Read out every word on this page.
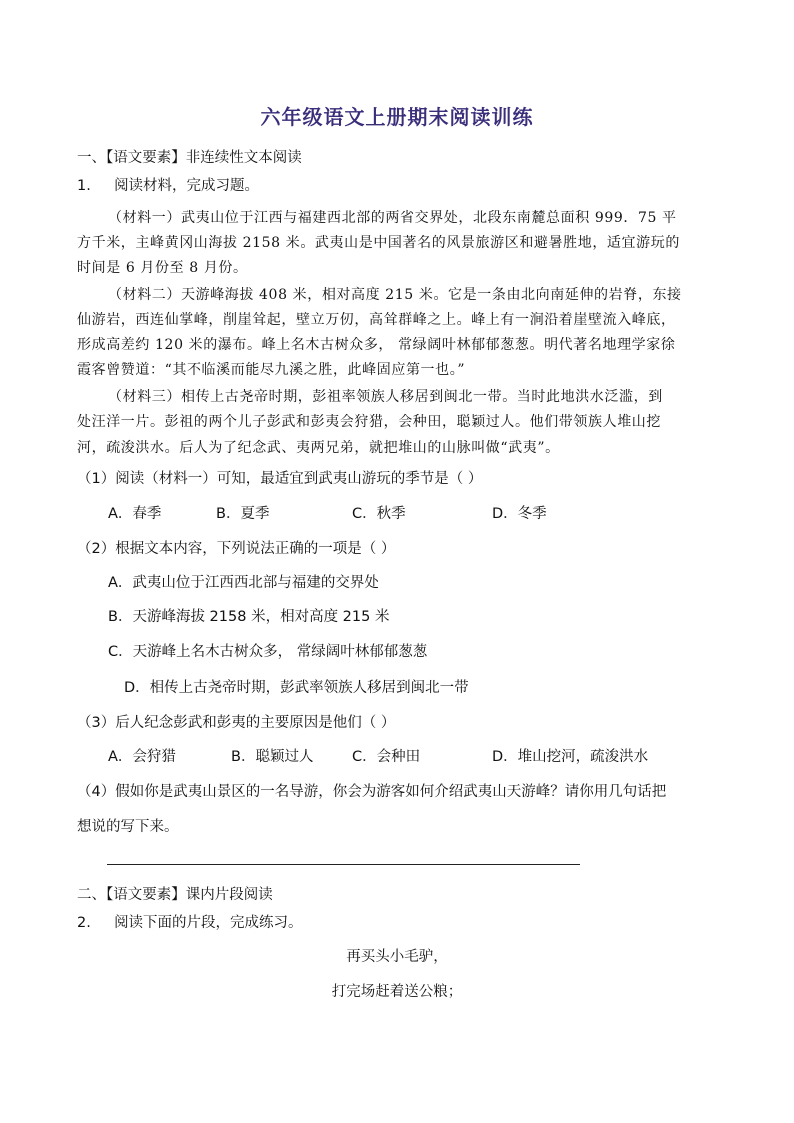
六年级语文上册期末阅读训练
一、【语文要素】非连续性文本阅读
1. 阅读材料，完成习题。
（材料一）武夷山位于江西与福建西北部的两省交界处，北段东南麓总面积 999．75 平
方千米，主峰黄冈山海拔 2158 米。武夷山是中国著名的风景旅游区和避暑胜地，适宜游玩的
时间是 6 月份至 8 月份。
（材料二）天游峰海拔 408 米，相对高度 215 米。它是一条由北向南延伸的岩脊，东接
仙游岩，西连仙掌峰，削崖耸起，壁立万仞，高耸群峰之上。峰上有一涧沿着崖壁流入峰底，
形成高差约 120 米的瀑布。峰上名木古树众多， 常绿阔叶林郁郁葱葱。明代著名地理学家徐
霞客曾赞道：“其不临溪而能尽九溪之胜，此峰固应第一也。”
（材料三）相传上古尧帝时期，彭祖率领族人移居到闽北一带。当时此地洪水泛滥，到
处汪洋一片。彭祖的两个儿子彭武和彭夷会狩猎，会种田，聪颖过人。他们带领族人堆山挖
河，疏浚洪水。后人为了纪念武、夷两兄弟，就把堆山的山脉叫做“武夷”。
（1）阅读（材料一）可知，最适宜到武夷山游玩的季节是（ ）
A．春季	B．夏季	C．秋季	D．冬季
（2）根据文本内容，下列说法正确的一项是（ ）
A．武夷山位于江西西北部与福建的交界处
B．天游峰海拔 2158 米，相对高度 215 米
C．天游峰上名木古树众多， 常绿阔叶林郁郁葱葱
D．相传上古尧帝时期，彭武率领族人移居到闽北一带
（3）后人纪念彭武和彭夷的主要原因是他们（ ）
A．会狩猎	B．聪颖过人	C．会种田	D．堆山挖河，疏浚洪水
（4）假如你是武夷山景区的一名导游，你会为游客如何介绍武夷山天游峰？请你用几句话把
想说的写下来。
二、【语文要素】课内片段阅读
2. 阅读下面的片段，完成练习。
再买头小毛驴，
打完场赶着送公粮；
